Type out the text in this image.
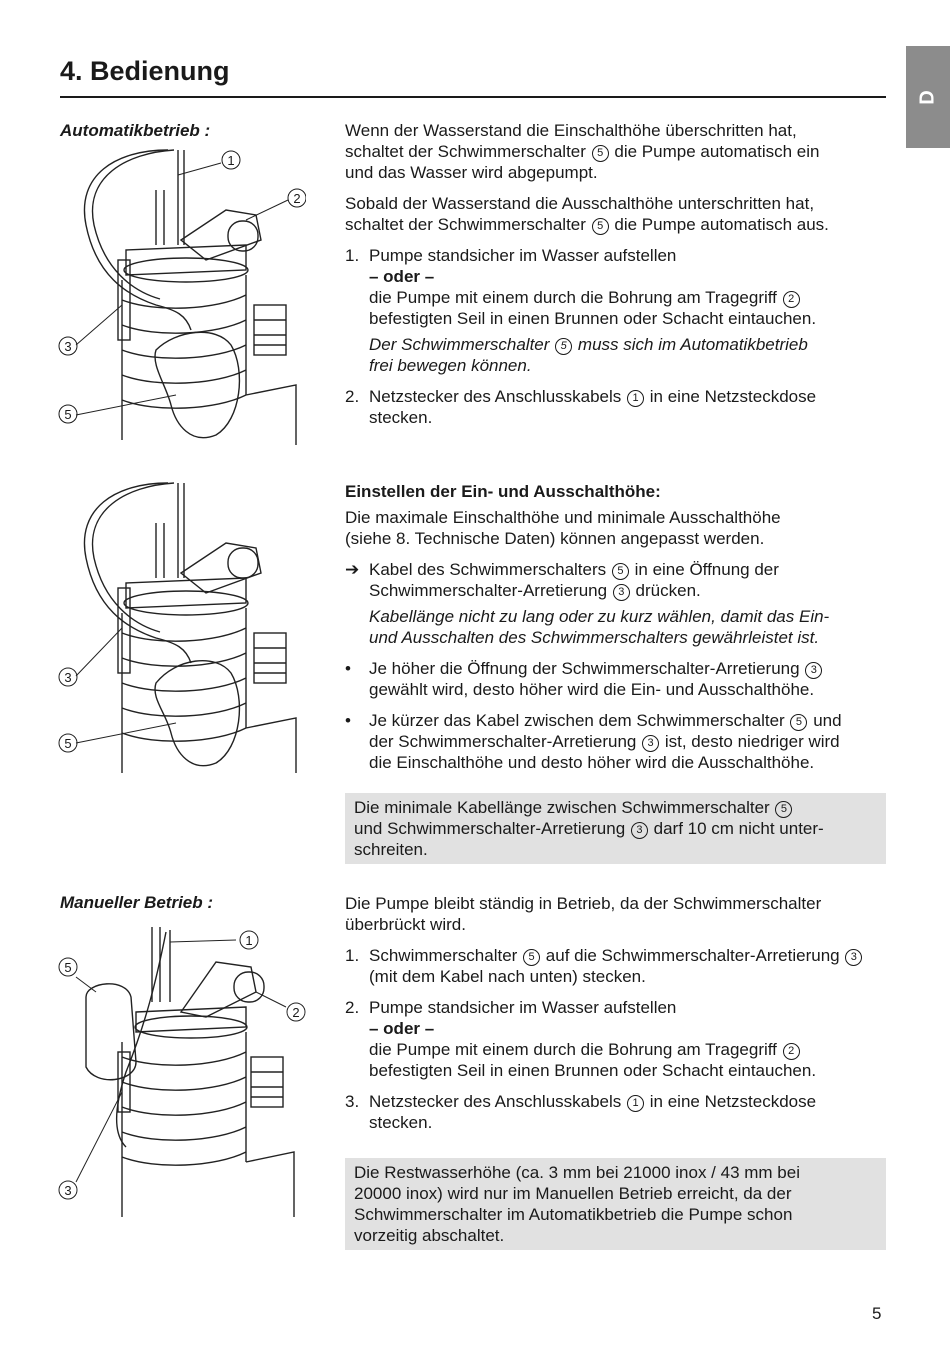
D
4. Bedienung
Automatikbetrieb :
1
2
3
5

Wenn der Wasserstand die Einschalthöhe überschritten hat,
schaltet der Schwimmerschalter 5 die Pumpe automatisch ein
und das Wasser wird abgepumpt.

Sobald der Wasserstand die Ausschalthöhe unterschritten hat,
schaltet der Schwimmerschalter 5 die Pumpe automatisch aus.

1. Pumpe standsicher im Wasser aufstellen

– oder –

die Pumpe mit einem durch die Bohrung am Tragegriff 2
befestigten Seil in einen Brunnen oder Schacht eintauchen.

Der Schwimmerschalter 5 muss sich im Automatikbetrieb
frei bewegen können.

2. Netzstecker des Anschlusskabels 1 in eine Netzsteckdose
stecken.

3
5

Einstellen der Ein- und Ausschalthöhe:

Die maximale Einschalthöhe und minimale Ausschalthöhe
(siehe 8. Technische Daten) können angepasst werden.

➔ Kabel des Schwimmerschalters 5 in eine Öffnung der
Schwimmerschalter-Arretierung 3 drücken.

Kabellänge nicht zu lang oder zu kurz wählen, damit das Ein-
und Ausschalten des Schwimmerschalters gewährleistet ist.

• Je höher die Öffnung der Schwimmerschalter-Arretierung 3
gewählt wird, desto höher wird die Ein- und Ausschalthöhe.

• Je kürzer das Kabel zwischen dem Schwimmerschalter 5 und
der Schwimmerschalter-Arretierung 3 ist, desto niedriger wird
die Einschalthöhe und desto höher wird die Ausschalthöhe.

Die minimale Kabellänge zwischen Schwimmerschalter 5
und Schwimmerschalter-Arretierung 3 darf 10 cm nicht unter-
schreiten.
Manueller Betrieb :
1
2
5
3

Die Pumpe bleibt ständig in Betrieb, da der Schwimmerschalter
überbrückt wird.

1. Schwimmerschalter 5 auf die Schwimmerschalter-Arretierung 3
(mit dem Kabel nach unten) stecken.

2. Pumpe standsicher im Wasser aufstellen

– oder –

die Pumpe mit einem durch die Bohrung am Tragegriff 2
befestigten Seil in einen Brunnen oder Schacht eintauchen.

3. Netzstecker des Anschlusskabels 1 in eine Netzsteckdose
stecken.

Die Restwasserhöhe (ca. 3 mm bei 21000 inox / 43 mm bei
20000 inox) wird nur im Manuellen Betrieb erreicht, da der
Schwimmerschalter im Automatikbetrieb die Pumpe schon
vorzeitig abschaltet.
5
